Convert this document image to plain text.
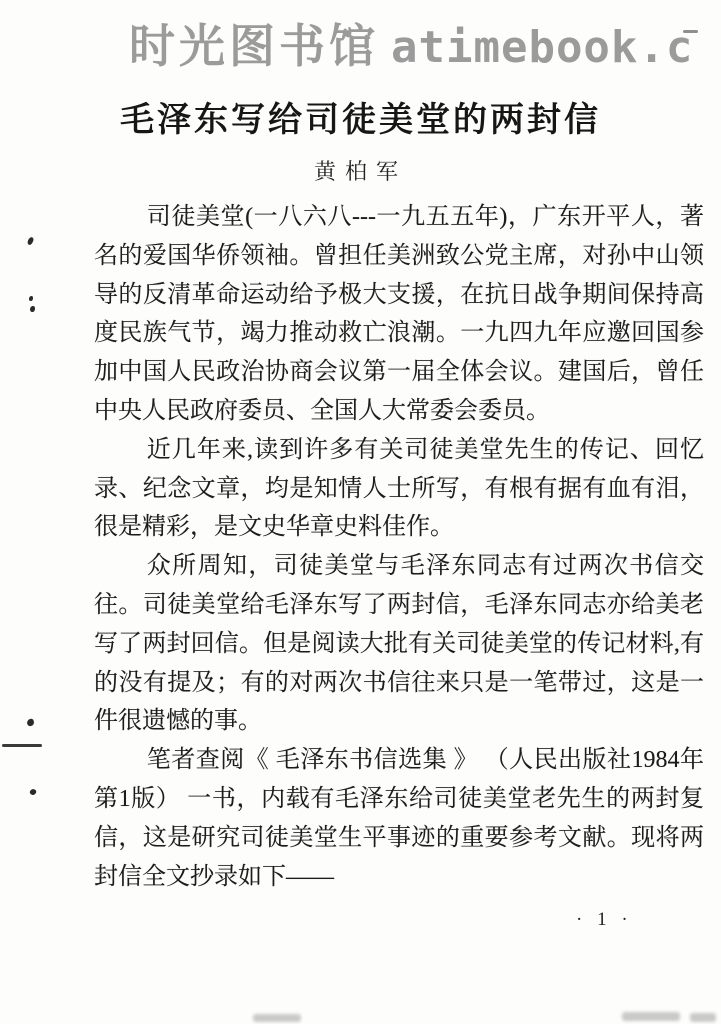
时光图书馆 atimebook.c
毛泽东写给司徒美堂的两封信
黄柏军

司徒美堂(一八六八---一九五五年)，广东开平人，著名的爱国华侨领袖。曾担任美洲致公党主席，对孙中山领导的反清革命运动给予极大支援，在抗日战争期间保持高度民族气节，竭力推动救亡浪潮。一九四九年应邀回国参加中国人民政治协商会议第一届全体会议。建国后，曾任中央人民政府委员、全国人大常委会委员。

近几年来,读到许多有关司徒美堂先生的传记、回忆录、纪念文章，均是知情人士所写，有根有据有血有泪，很是精彩，是文史华章史料佳作。

众所周知，司徒美堂与毛泽东同志有过两次书信交往。司徒美堂给毛泽东写了两封信，毛泽东同志亦给美老写了两封回信。但是阅读大批有关司徒美堂的传记材料,有的没有提及；有的对两次书信往来只是一笔带过，这是一件很遗憾的事。

笔者查阅《 毛泽东书信选集 》 （人民出版社1984年第1版） 一书，内载有毛泽东给司徒美堂老先生的两封复信，这是研究司徒美堂生平事迹的重要参考文献。现将两封信全文抄录如下——

· 1 ·
